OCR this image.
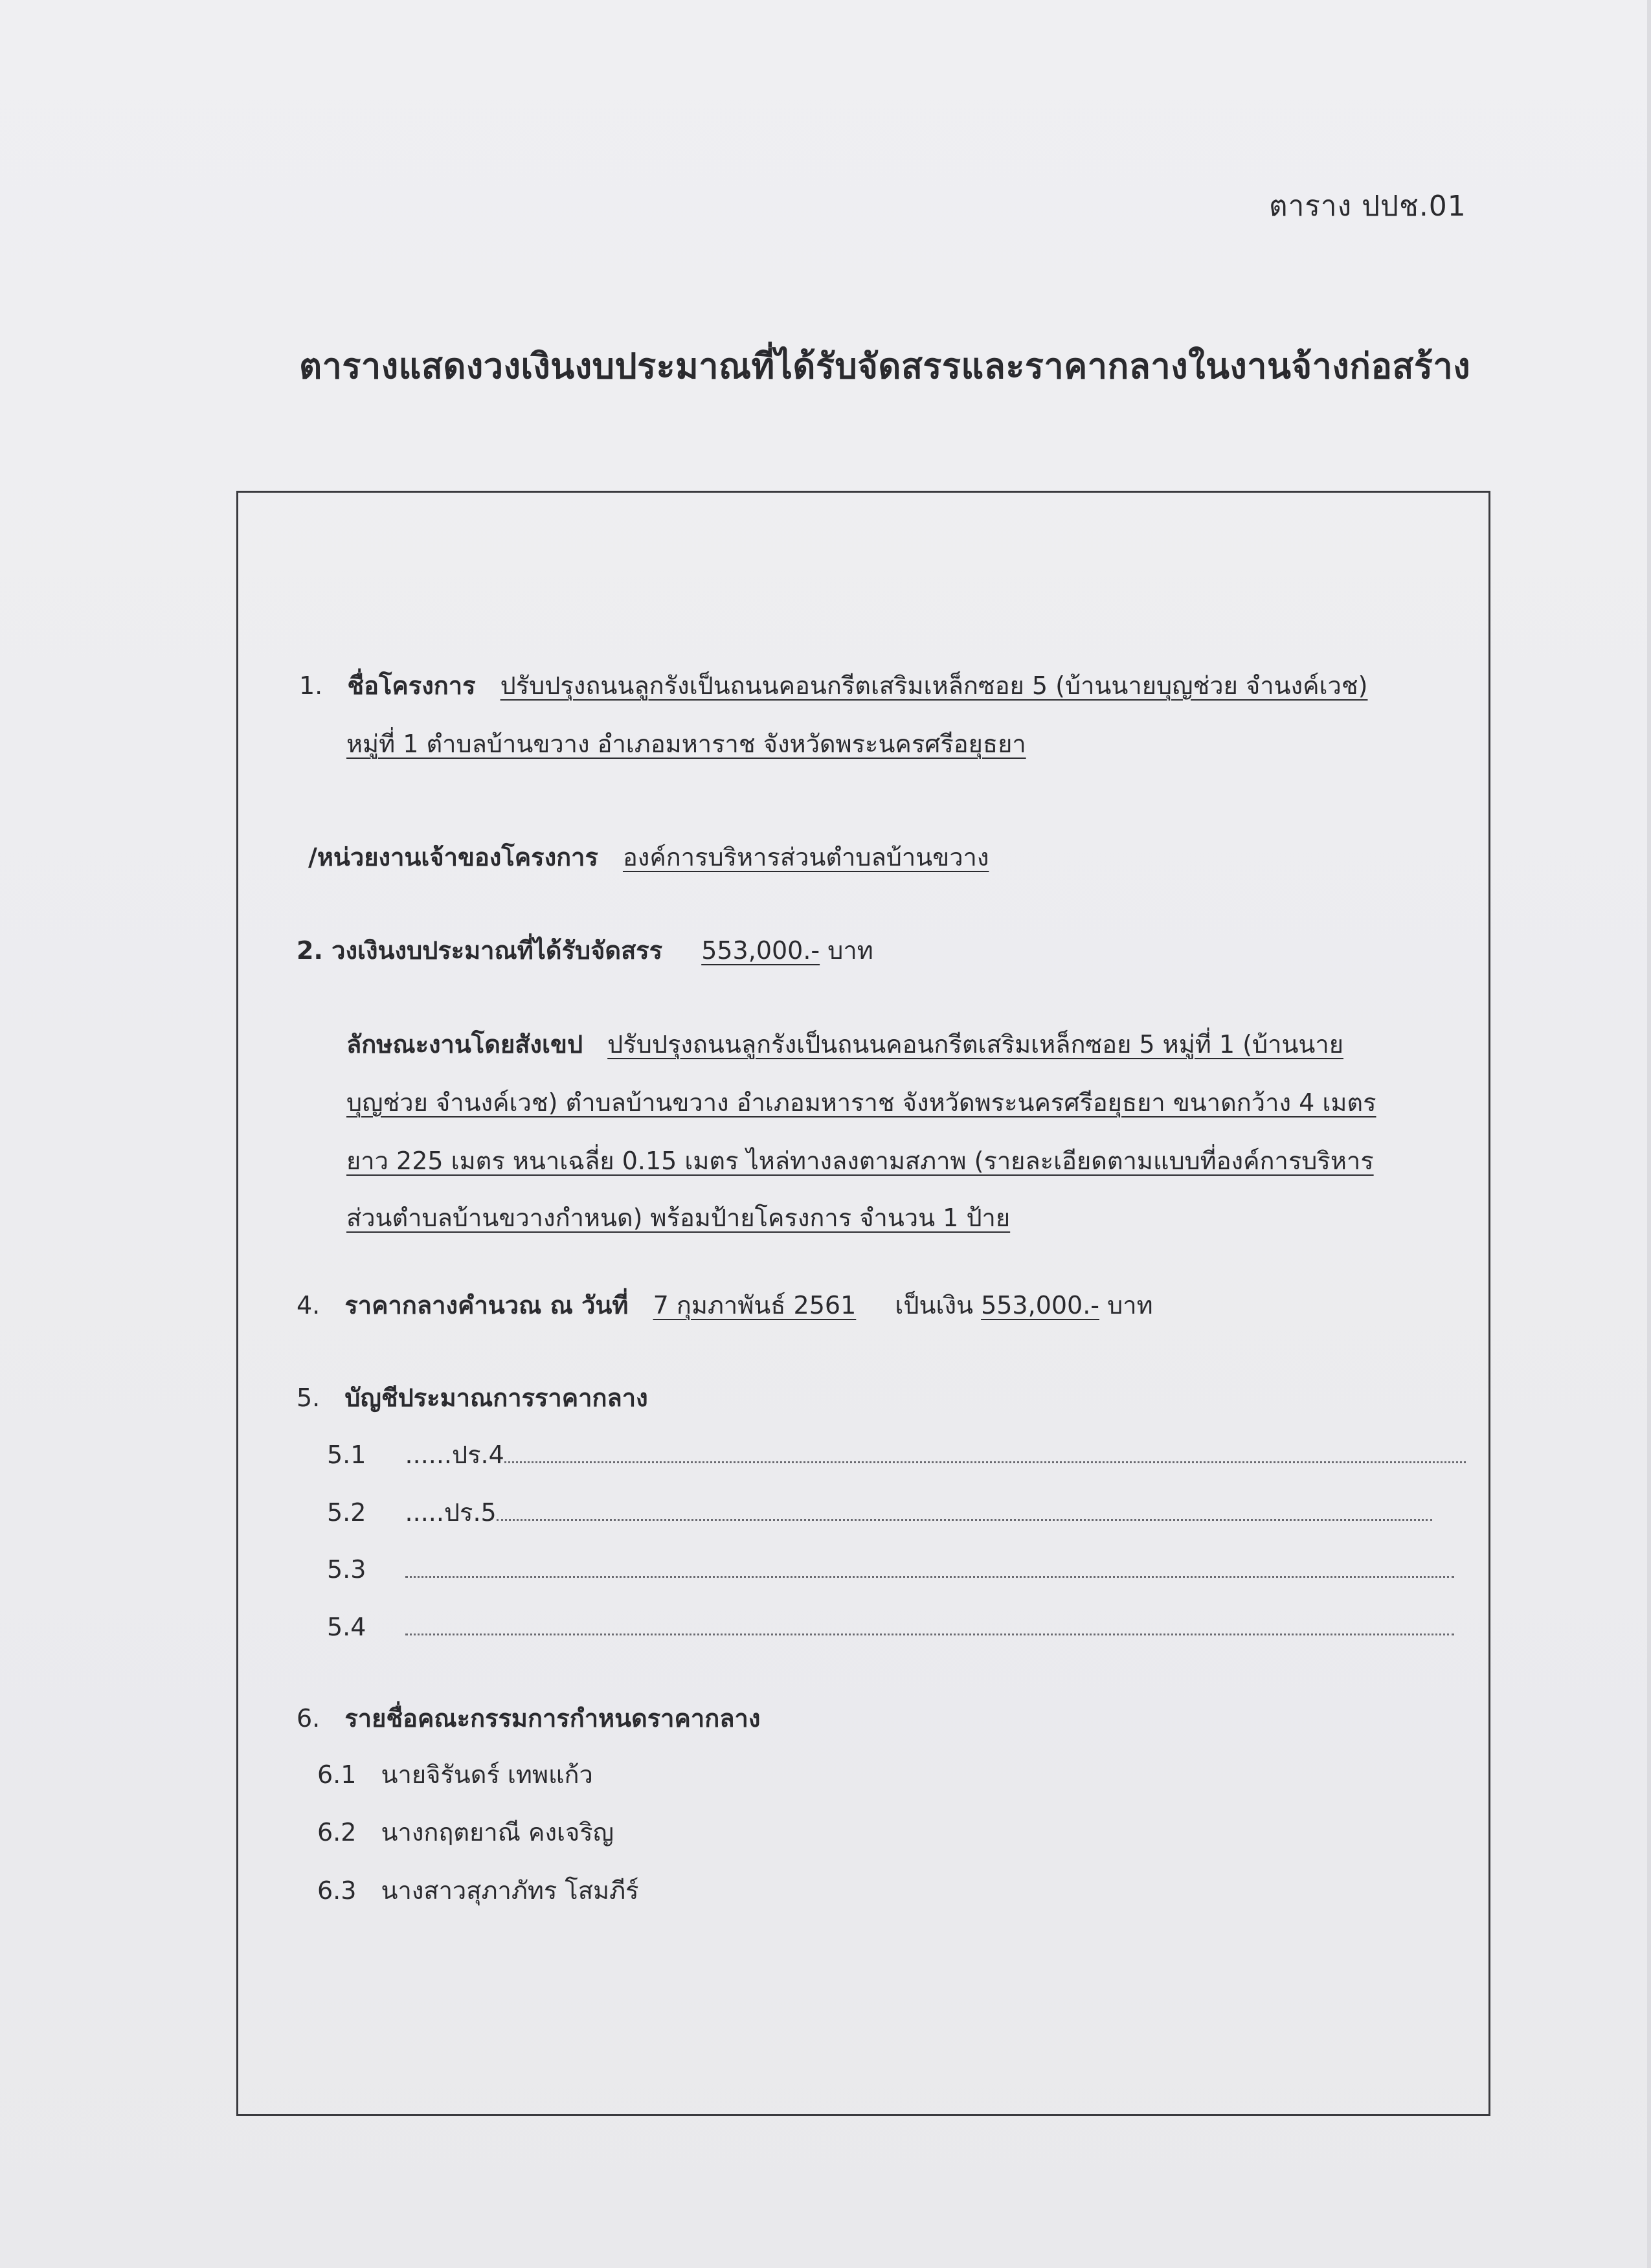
ตาราง ปปช.01
ตารางแสดงวงเงินงบประมาณที่ได้รับจัดสรรและราคากลางในงานจ้างก่อสร้าง
1. ชื่อโครงการ ปรับปรุงถนนลูกรังเป็นถนนคอนกรีตเสริมเหล็กซอย 5 (บ้านนายบุญช่วย จำนงค์เวช)
หมู่ที่ 1 ตำบลบ้านขวาง อำเภอมหาราช จังหวัดพระนครศรีอยุธยา
/หน่วยงานเจ้าของโครงการ องค์การบริหารส่วนตำบลบ้านขวาง
2. วงเงินงบประมาณที่ได้รับจัดสรร 553,000.- บาท
ลักษณะงานโดยสังเขป ปรับปรุงถนนลูกรังเป็นถนนคอนกรีตเสริมเหล็กซอย 5 หมู่ที่ 1 (บ้านนาย
บุญช่วย จำนงค์เวช) ตำบลบ้านขวาง อำเภอมหาราช จังหวัดพระนครศรีอยุธยา ขนาดกว้าง 4 เมตร
ยาว 225 เมตร หนาเฉลี่ย 0.15 เมตร ไหล่ทางลงตามสภาพ (รายละเอียดตามแบบที่องค์การบริหาร
ส่วนตำบลบ้านขวางกำหนด) พร้อมป้ายโครงการ จำนวน 1 ป้าย
4. ราคากลางคำนวณ ณ วันที่ 7 กุมภาพันธ์ 2561 เป็นเงิน 553,000.- บาท
5. บัญชีประมาณการราคากลาง
5.1 ......ปร.4
5.2 .....ปร.5
5.3
5.4
6. รายชื่อคณะกรรมการกำหนดราคากลาง
6.1 นายจิรันดร์ เทพแก้ว
6.2 นางกฤตยาณี คงเจริญ
6.3 นางสาวสุภาภัทร โสมภีร์
